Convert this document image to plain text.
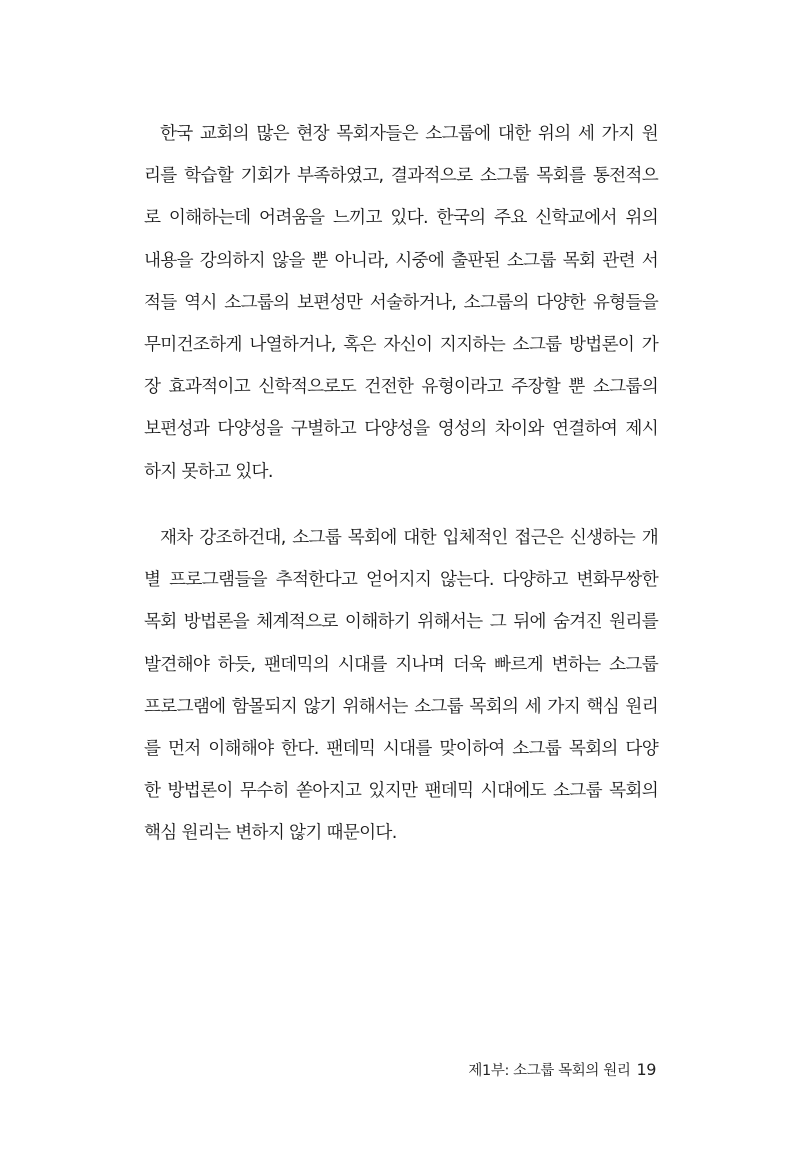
한국 교회의 많은 현장 목회자들은 소그룹에 대한 위의 세 가지 원
리를 학습할 기회가 부족하였고, 결과적으로 소그룹 목회를 통전적으
로 이해하는데 어려움을 느끼고 있다. 한국의 주요 신학교에서 위의
내용을 강의하지 않을 뿐 아니라, 시중에 출판된 소그룹 목회 관련 서
적들 역시 소그룹의 보편성만 서술하거나, 소그룹의 다양한 유형들을
무미건조하게 나열하거나, 혹은 자신이 지지하는 소그룹 방법론이 가
장 효과적이고 신학적으로도 건전한 유형이라고 주장할 뿐 소그룹의
보편성과 다양성을 구별하고 다양성을 영성의 차이와 연결하여 제시
하지 못하고 있다.
재차 강조하건대, 소그룹 목회에 대한 입체적인 접근은 신생하는 개
별 프로그램들을 추적한다고 얻어지지 않는다. 다양하고 변화무쌍한
목회 방법론을 체계적으로 이해하기 위해서는 그 뒤에 숨겨진 원리를
발견해야 하듯, 팬데믹의 시대를 지나며 더욱 빠르게 변하는 소그룹
프로그램에 함몰되지 않기 위해서는 소그룹 목회의 세 가지 핵심 원리
를 먼저 이해해야 한다. 팬데믹 시대를 맞이하여 소그룹 목회의 다양
한 방법론이 무수히 쏟아지고 있지만 팬데믹 시대에도 소그룹 목회의
핵심 원리는 변하지 않기 때문이다.
제1부: 소그룹 목회의 원리 19
